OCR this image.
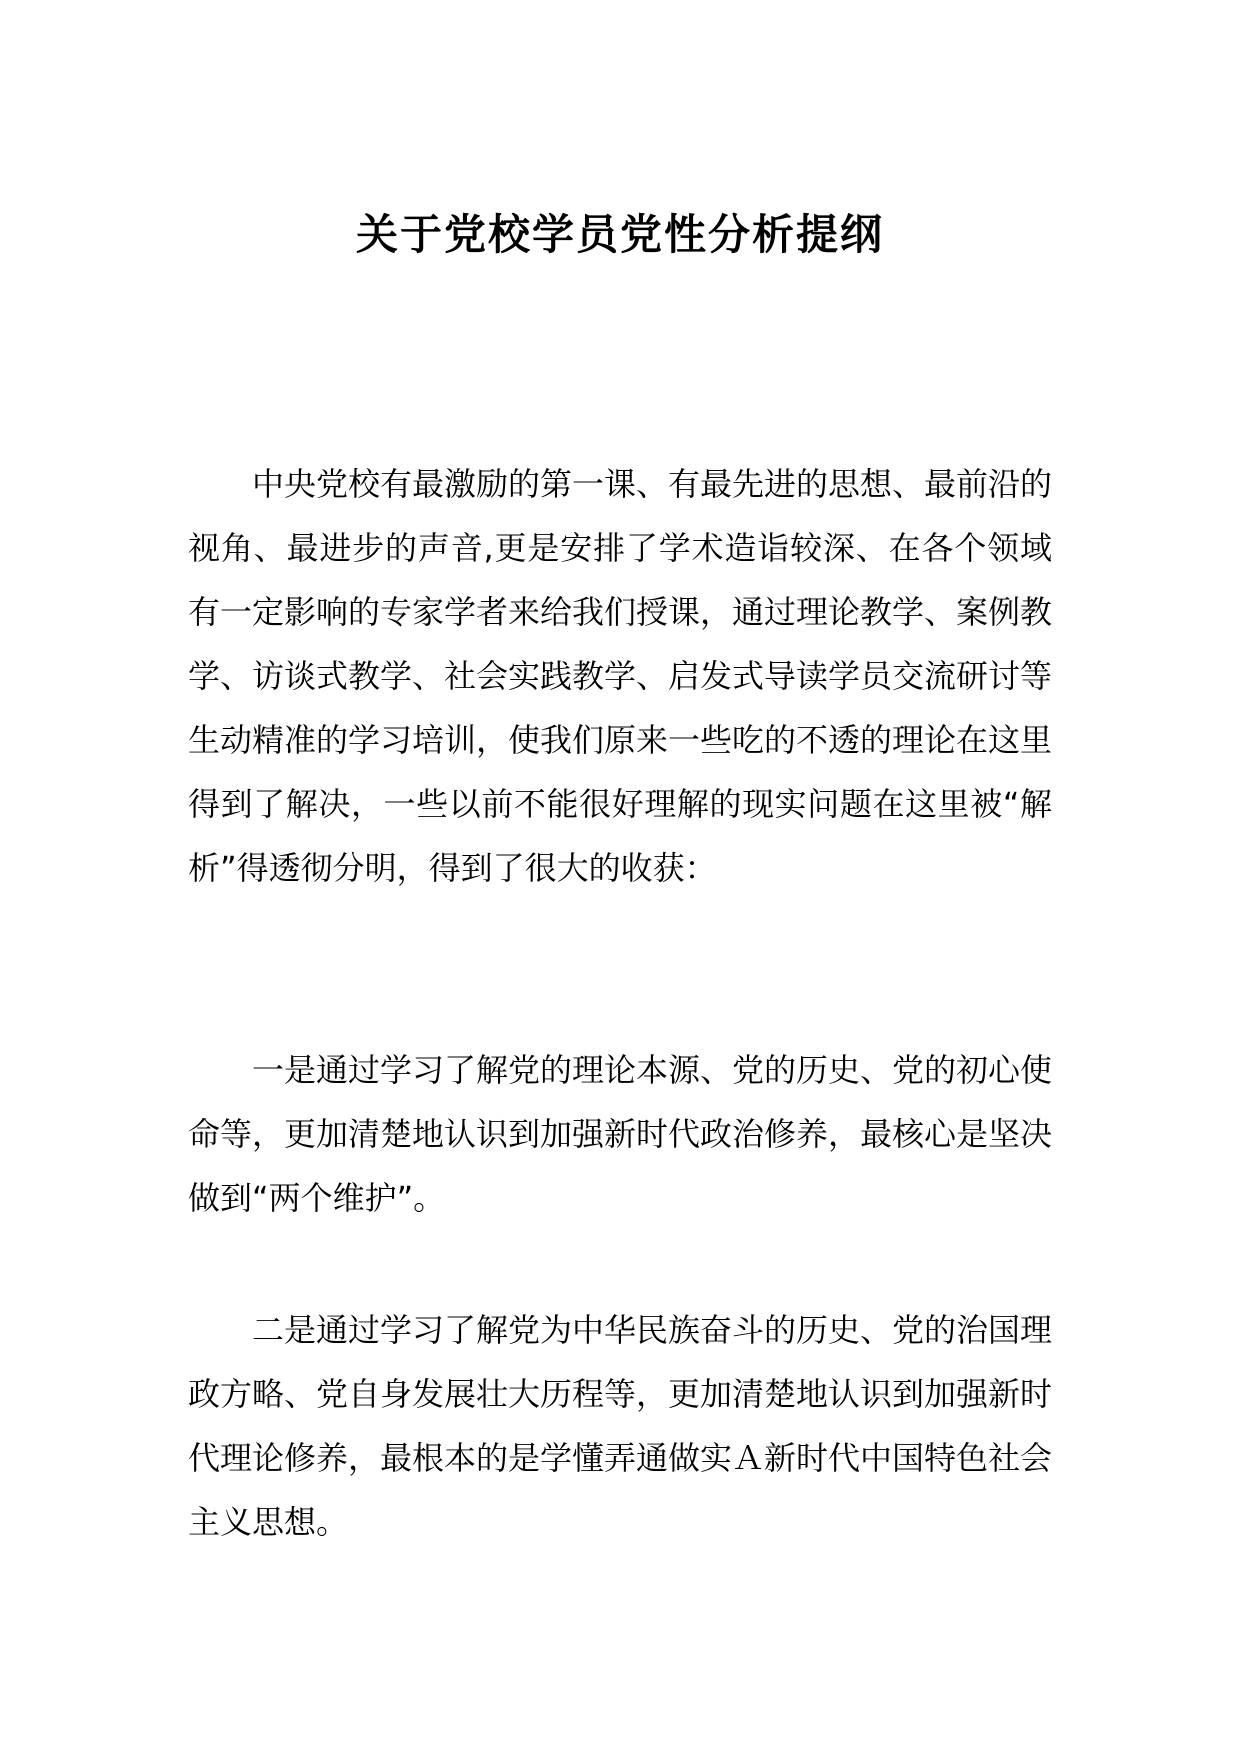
关于党校学员党性分析提纲

中央党校有最激励的第一课、有最先进的思想、最前沿的视角、最进步的声音,更是安排了学术造诣较深、在各个领域有一定影响的专家学者来给我们授课，通过理论教学、案例教学、访谈式教学、社会实践教学、启发式导读学员交流研讨等生动精准的学习培训，使我们原来一些吃的不透的理论在这里得到了解决，一些以前不能很好理解的现实问题在这里被“解析”得透彻分明，得到了很大的收获：

一是通过学习了解党的理论本源、党的历史、党的初心使命等，更加清楚地认识到加强新时代政治修养，最核心是坚决做到“两个维护”。

二是通过学习了解党为中华民族奋斗的历史、党的治国理政方略、党自身发展壮大历程等，更加清楚地认识到加强新时代理论修养，最根本的是学懂弄通做实Ａ新时代中国特色社会主义思想。
